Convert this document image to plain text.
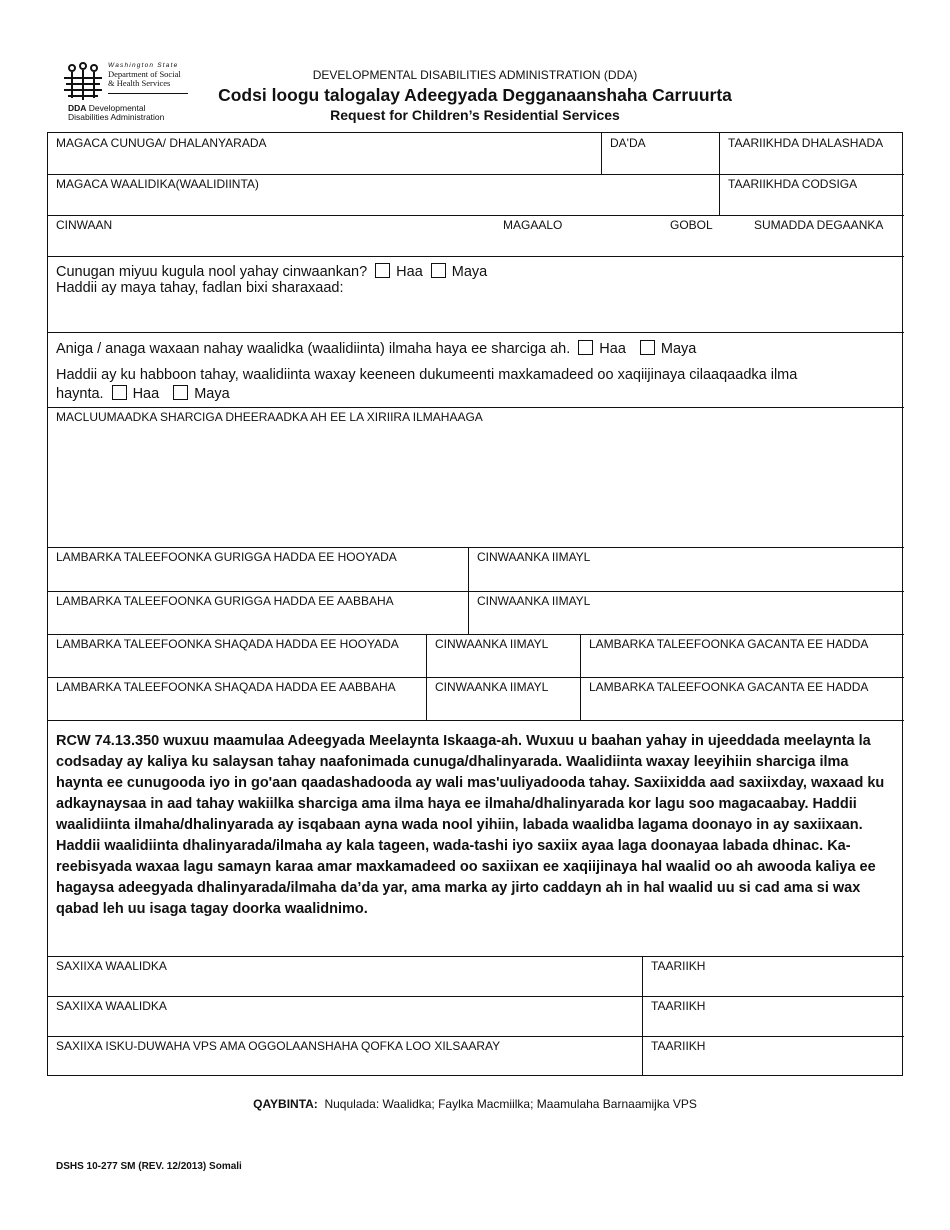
Washington State
Department of Social & Health Services
DDA Developmental Disabilities Administration
DEVELOPMENTAL DISABILITIES ADMINISTRATION (DDA)
Codsi loogu talogalay Adeegyada Degganaanshaha Carruurta
Request for Children’s Residential Services
MAGACA CUNUGA/ DHALANYARADA	DA'DA	TAARIIKHDA DHALASHADA
MAGACA WAALIDIKA(WAALIDIINTA)	TAARIIKHDA CODSIGA
CINWAAN	MAGAALO	GOBOL	SUMADDA DEGAANKA
Cunugan miyuu kugula nool yahay cinwaankan? Haa Maya
Haddii ay maya tahay, fadlan bixi sharaxaad:
Aniga / anaga waxaan nahay waalidka (waalidiinta) ilmaha haya ee sharciga ah. Haa Maya
Haddii ay ku habboon tahay, waalidiinta waxay keeneen dukumeenti maxkamadeed oo xaqiijinaya cilaaqaadka ilma
haynta. Haa Maya
MACLUUMAADKA SHARCIGA DHEERAADKA AH EE LA XIRIIRA ILMAHAAGA
LAMBARKA TALEEFOONKA GURIGGA HADDA EE HOOYADA	CINWAANKA IIMAYL
LAMBARKA TALEEFOONKA GURIGGA HADDA EE AABBAHA	CINWAANKA IIMAYL
LAMBARKA TALEEFOONKA SHAQADA HADDA EE HOOYADA	CINWAANKA IIMAYL	LAMBARKA TALEEFOONKA GACANTA EE HADDA
LAMBARKA TALEEFOONKA SHAQADA HADDA EE AABBAHA	CINWAANKA IIMAYL	LAMBARKA TALEEFOONKA GACANTA EE HADDA
SAXIIXA WAALIDKA	TAARIIKH
SAXIIXA WAALIDKA	TAARIIKH
SAXIIXA ISKU-DUWAHA VPS AMA OGGOLAANSHAHA QOFKA LOO XILSAARAY	TAARIIKH
RCW 74.13.350 wuxuu maamulaa Adeegyada Meelaynta Iskaaga-ah. Wuxuu u baahan yahay in ujeeddada meelaynta la codsaday ay kaliya ku salaysan tahay naafonimada cunuga/dhalinyarada. Waalidiinta waxay leeyihiin sharciga ilma haynta ee cunugooda iyo in go'aan qaadashadooda ay wali mas'uuliyadooda tahay. Saxiixidda aad saxiixday, waxaad ku adkaynaysaa in aad tahay wakiilka sharciga ama ilma haya ee ilmaha/dhalinyarada kor lagu soo magacaabay. Haddii waalidiinta ilmaha/dhalinyarada ay isqabaan ayna wada nool yihiin, labada waalidba lagama doonayo in ay saxiixaan. Haddii waalidiinta dhalinyarada/ilmaha ay kala tageen, wada-tashi iyo saxiix ayaa laga doonayaa labada dhinac. Ka-reebisyada waxaa lagu samayn karaa amar maxkamadeed oo saxiixan ee xaqiijinaya hal waalid oo ah awooda kaliya ee hagaysa adeegyada dhalinyarada/ilmaha da’da yar, ama marka ay jirto caddayn ah in hal waalid uu si cad ama si wax qabad leh uu isaga tagay doorka waalidnimo.
QAYBINTA: Nuqulada: Waalidka; Faylka Macmiilka; Maamulaha Barnaamijka VPS
DSHS 10-277 SM (REV. 12/2013) Somali
